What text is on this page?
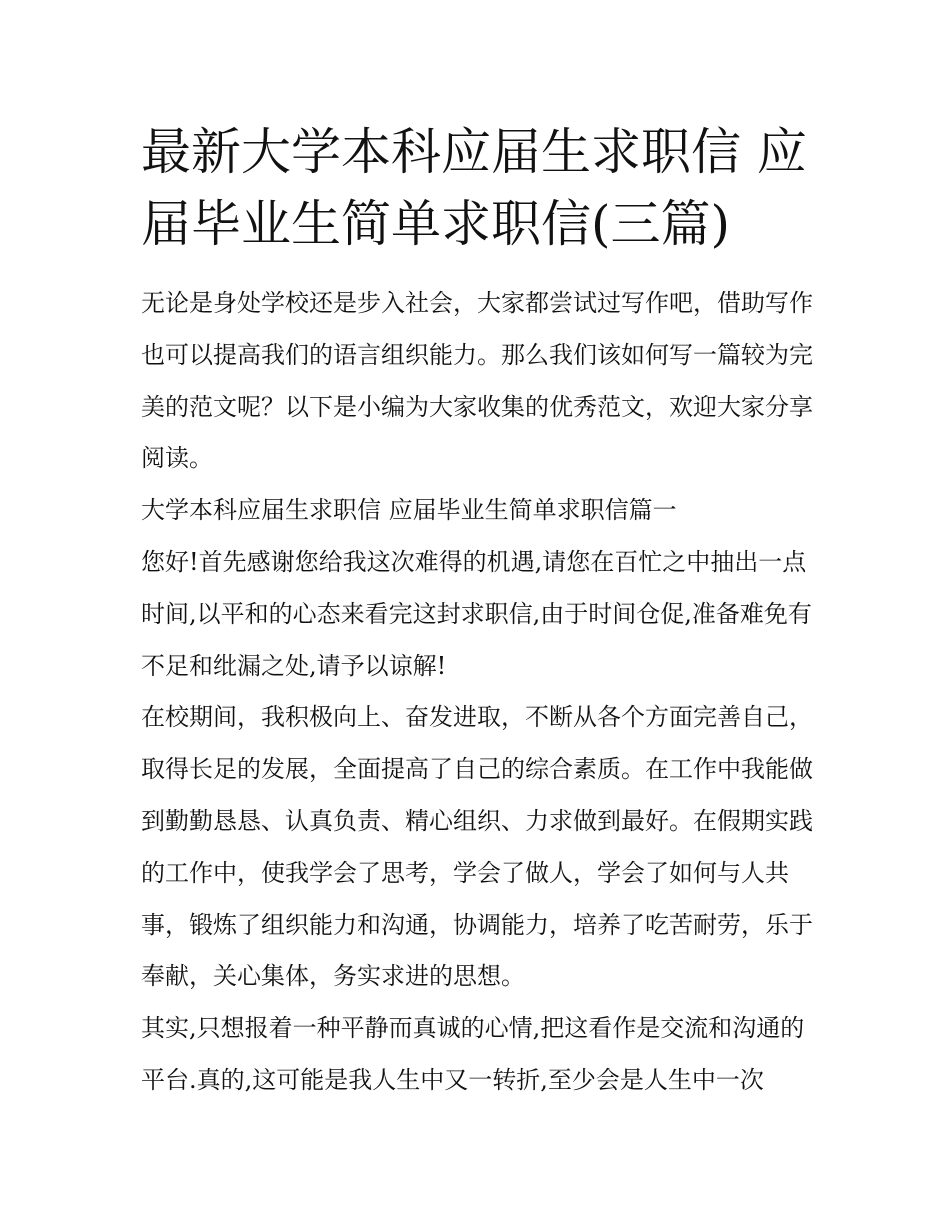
最新大学本科应届生求职信 应届毕业生简单求职信(三篇)

无论是身处学校还是步入社会，大家都尝试过写作吧，借助写作也可以提高我们的语言组织能力。那么我们该如何写一篇较为完美的范文呢？以下是小编为大家收集的优秀范文，欢迎大家分享阅读。

大学本科应届生求职信 应届毕业生简单求职信篇一

您好!首先感谢您给我这次难得的机遇,请您在百忙之中抽出一点时间,以平和的心态来看完这封求职信,由于时间仓促,准备难免有不足和纰漏之处,请予以谅解!

在校期间，我积极向上、奋发进取，不断从各个方面完善自己，取得长足的发展，全面提高了自己的综合素质。在工作中我能做到勤勤恳恳、认真负责、精心组织、力求做到最好。在假期实践的工作中，使我学会了思考，学会了做人，学会了如何与人共事，锻炼了组织能力和沟通，协调能力，培养了吃苦耐劳，乐于奉献，关心集体，务实求进的思想。

其实,只想报着一种平静而真诚的心情,把这看作是交流和沟通的平台.真的,这可能是我人生中又一转折,至少会是人生中一次
